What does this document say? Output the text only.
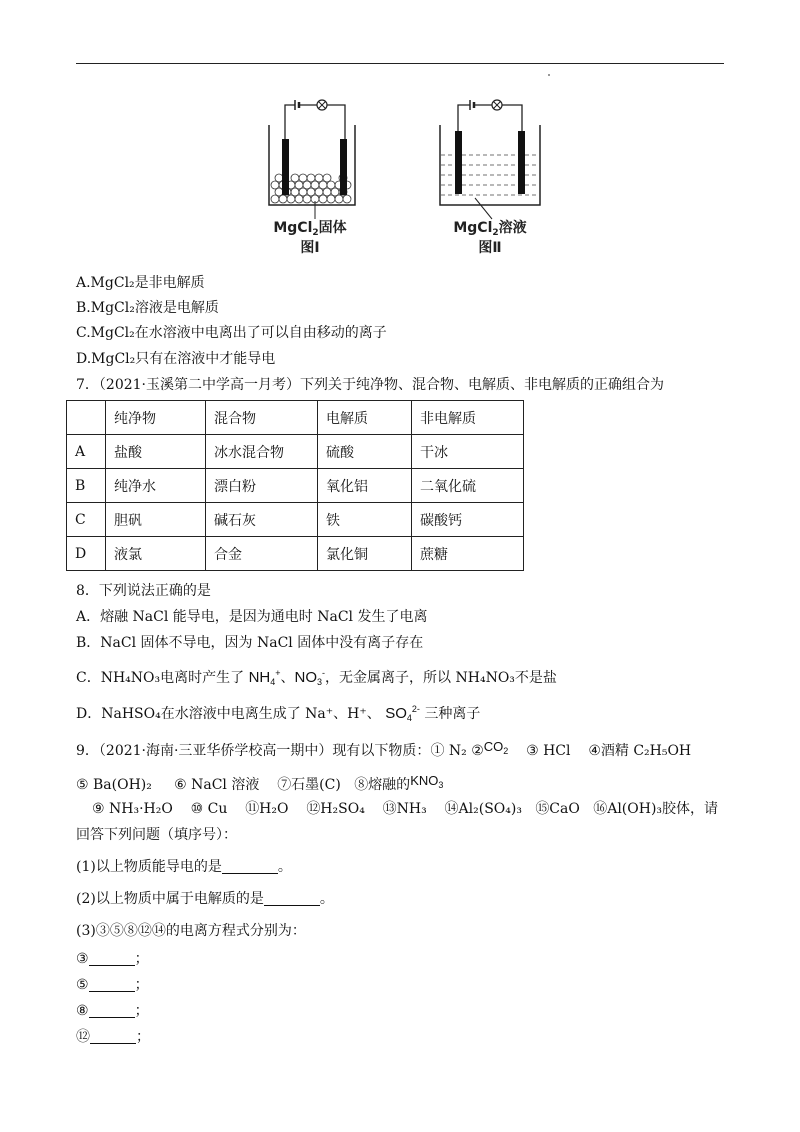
MgCl$_2$固体
图Ⅰ
MgCl$_2$溶液
图Ⅱ
A.MgCl₂是非电解质
B.MgCl₂溶液是电解质
C.MgCl₂在水溶液中电离出了可以自由移动的离子
D.MgCl₂只有在溶液中才能导电
7．（2021·玉溪第二中学高一月考）下列关于纯净物、混合物、电解质、非电解质的正确组合为
	纯净物	混合物	电解质	非电解质
A	盐酸	冰水混合物	硫酸	干冰
B	纯净水	漂白粉	氧化铝	二氧化硫
C	胆矾	碱石灰	铁	碳酸钙
D	液氯	合金	氯化铜	蔗糖
8．下列说法正确的是
A．熔融 NaCl 能导电，是因为通电时 NaCl 发生了电离
B．NaCl 固体不导电，因为 NaCl 固体中没有离子存在
C．NH₄NO₃电离时产生了 $NH_4^+$、$NO_3^-$，无金属离子，所以 NH₄NO₃不是盐
D．NaHSO₄在水溶液中电离生成了 Na⁺、H⁺、 $SO_4^{2-}$ 三种离子
9．（2021·海南·三亚华侨学校高一期中）现有以下物质：① N₂ $②CO_2$ ③ HCl ④酒精 C₂H₅OH
⑤ Ba(OH)₂ ⑥ NaCl 溶液 ⑦石墨(C) ⑧熔融的$KNO_3$
⑨ NH₃·H₂O ⑩ Cu ⑪H₂O ⑫H₂SO₄ ⑬NH₃ ⑭Al₂(SO₄)₃ ⑮CaO ⑯Al(OH)₃胶体，请
回答下列问题（填序号）：
(1)以上物质能导电的是	。
(2)以上物质中属于电解质的是	。
(3)③⑤⑧⑫⑭的电离方程式分别为：
③	；
⑤	；
⑧	；
⑫	；
